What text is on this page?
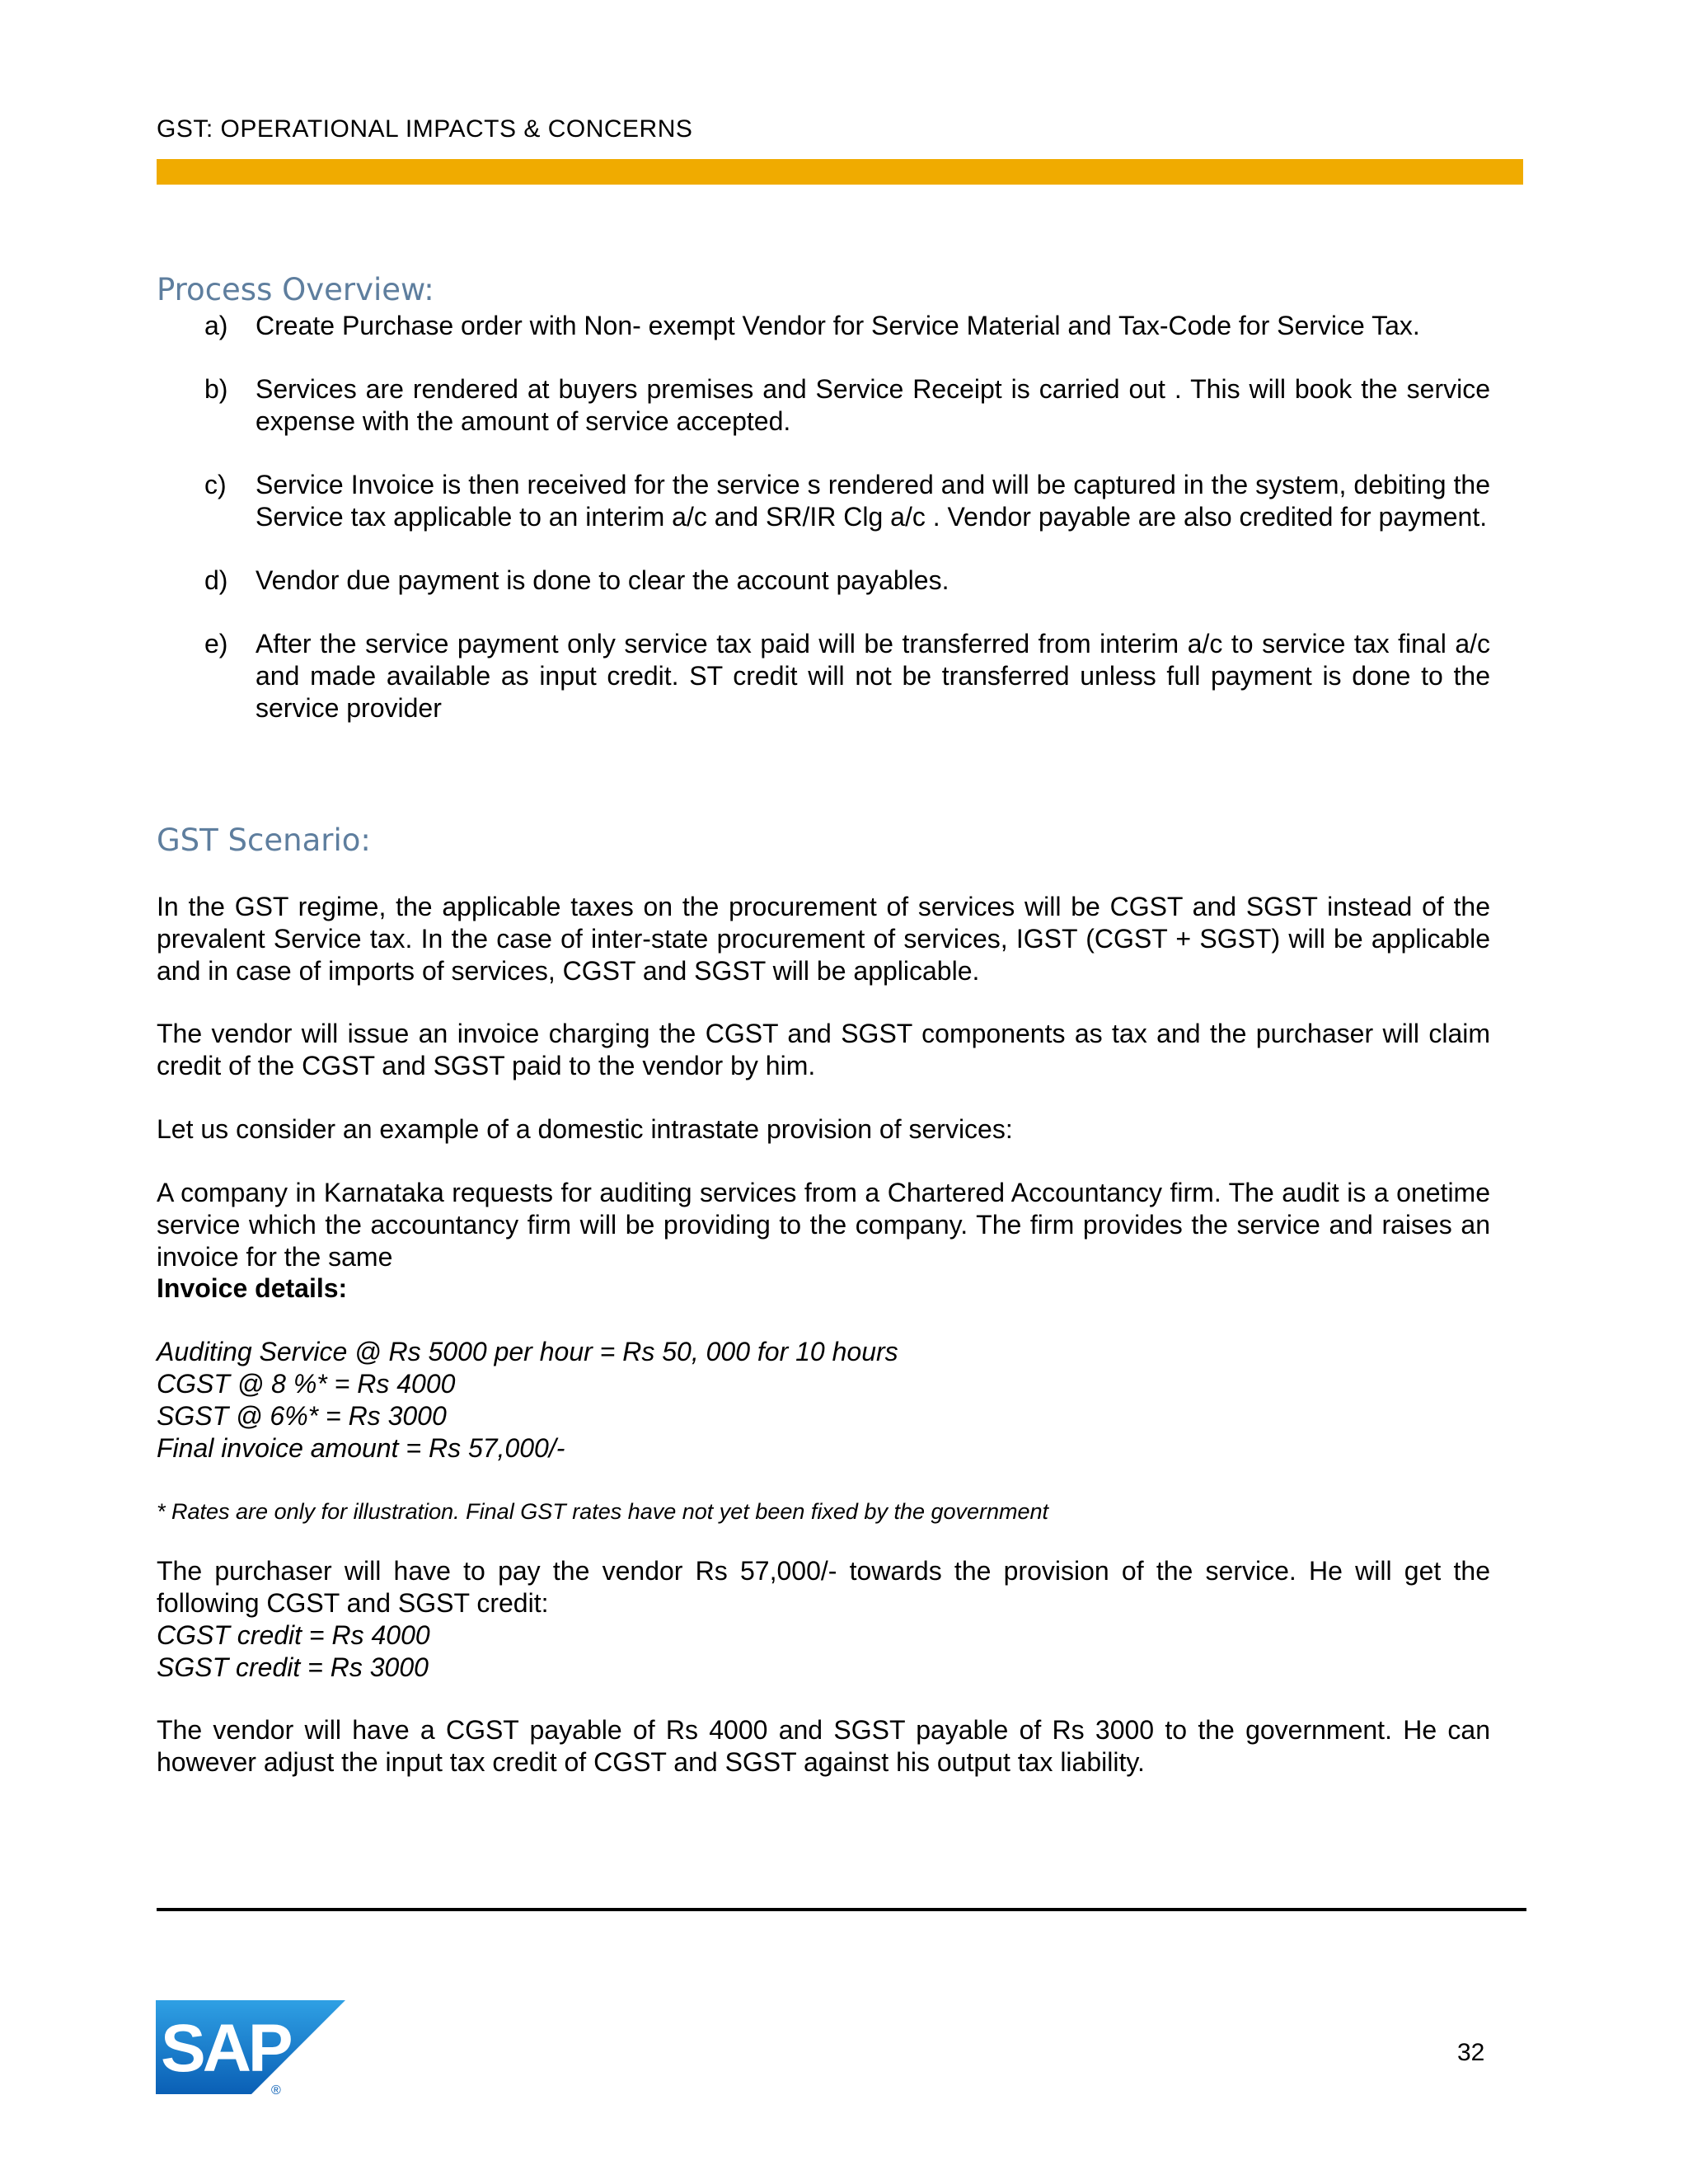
GST: OPERATIONAL IMPACTS & CONCERNS
Process Overview:
a)	Create Purchase order with Non- exempt Vendor for Service Material and Tax-Code for Service Tax.
b)	Services are rendered at buyers premises and Service Receipt is carried out . This will book the service expense with the amount of service accepted.
c)	Service Invoice is then received for the service s rendered and will be captured in the system, debiting the Service tax applicable to an interim a/c and SR/IR Clg a/c . Vendor payable are also credited for payment.
d)	Vendor due payment is done to clear the account payables.
e)	After the service payment only service tax paid will be transferred from interim a/c to service tax final a/c and made available as input credit. ST credit will not be transferred unless full payment is done to the service provider
GST Scenario:
In the GST regime, the applicable taxes on the procurement of services will be CGST and SGST instead of the prevalent Service tax. In the case of inter-state procurement of services, IGST (CGST + SGST) will be applicable and in case of imports of services, CGST and SGST will be applicable.
The vendor will issue an invoice charging the CGST and SGST components as tax and the purchaser will claim credit of the CGST and SGST paid to the vendor by him.
Let us consider an example of a domestic intrastate provision of services:
A company in Karnataka requests for auditing services from a Chartered Accountancy firm. The audit is a onetime service which the accountancy firm will be providing to the company. The firm provides the service and raises an invoice for the same
Invoice details:
Auditing Service @ Rs 5000 per hour = Rs 50, 000 for 10 hours
CGST @ 8 %* = Rs 4000
SGST @ 6%* = Rs 3000
Final invoice amount = Rs 57,000/-
* Rates are only for illustration. Final GST rates have not yet been fixed by the government
The purchaser will have to pay the vendor Rs 57,000/- towards the provision of the service. He will get the following CGST and SGST credit:
CGST credit = Rs 4000
SGST credit = Rs 3000
The vendor will have a CGST payable of Rs 4000 and SGST payable of Rs 3000 to the government. He can however adjust the input tax credit of CGST and SGST against his output tax liability.
SAP
®
32
